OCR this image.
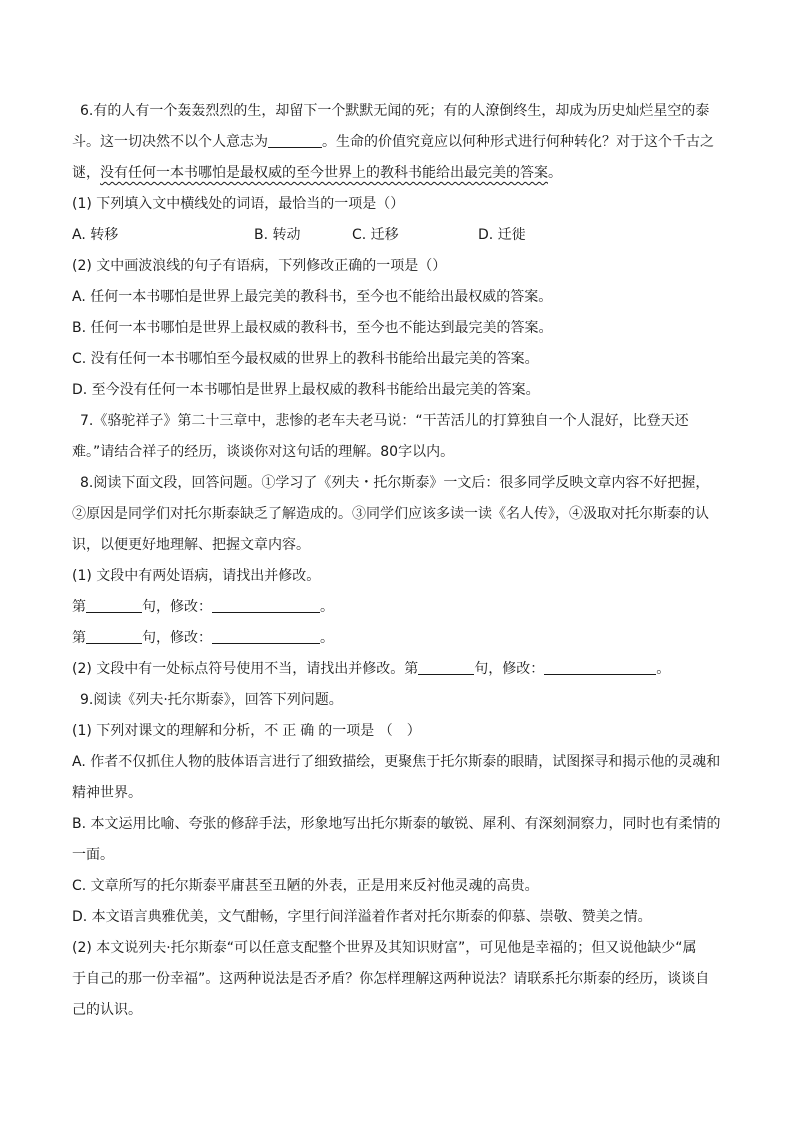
6.有的人有一个轰轰烈烈的生，却留下一个默默无闻的死；有的人潦倒终生，却成为历史灿烂星空的泰
斗。这一切决然不以个人意志为	。生命的价值究竟应以何种形式进行何种转化？对于这个千古之
谜，没有任何一本书哪怕是最权威的至今世界上的教科书能给出最完美的答案。
(1) 下列填入文中横线处的词语，最恰当的一项是（）
A. 转移	B. 转动	C. 迁移	D. 迁徙
(2) 文中画波浪线的句子有语病，下列修改正确的一项是（）
A. 任何一本书哪怕是世界上最完美的教科书，至今也不能给出最权威的答案。
B. 任何一本书哪怕是世界上最权威的教科书，至今也不能达到最完美的答案。
C. 没有任何一本书哪怕至今最权威的世界上的教科书能给出最完美的答案。
D. 至今没有任何一本书哪怕是世界上最权威的教科书能给出最完美的答案。
7.《骆驼祥子》第二十三章中，悲惨的老车夫老马说：“干苦活儿的打算独自一个人混好，比登天还
难。”请结合祥子的经历，谈谈你对这句话的理解。80字以内。
8.阅读下面文段，回答问题。①学习了《列夫・托尔斯泰》一文后：很多同学反映文章内容不好把握，
②原因是同学们对托尔斯泰缺乏了解造成的。③同学们应该多读一读《名人传》，④汲取对托尔斯泰的认
识，以便更好地理解、把握文章内容。
(1) 文段中有两处语病，请找出并修改。
第	句，修改：	。
第	句，修改：	。
(2) 文段中有一处标点符号使用不当，请找出并修改。第	句，修改：	。
9.阅读《列夫·托尔斯泰》，回答下列问题。
(1) 下列对课文的理解和分析，不正确的一项是 （　）
A. 作者不仅抓住人物的肢体语言进行了细致描绘，更聚焦于托尔斯泰的眼睛，试图探寻和揭示他的灵魂和
精神世界。
B. 本文运用比喻、夸张的修辞手法，形象地写出托尔斯泰的敏锐、犀利、有深刻洞察力，同时也有柔情的
一面。
C. 文章所写的托尔斯泰平庸甚至丑陋的外表，正是用来反衬他灵魂的高贵。
D. 本文语言典雅优美，文气酣畅，字里行间洋溢着作者对托尔斯泰的仰慕、崇敬、赞美之情。
(2) 本文说列夫·托尔斯泰“可以任意支配整个世界及其知识财富”，可见他是幸福的；但又说他缺少“属
于自己的那一份幸福”。这两种说法是否矛盾？你怎样理解这两种说法？请联系托尔斯泰的经历，谈谈自
己的认识。
